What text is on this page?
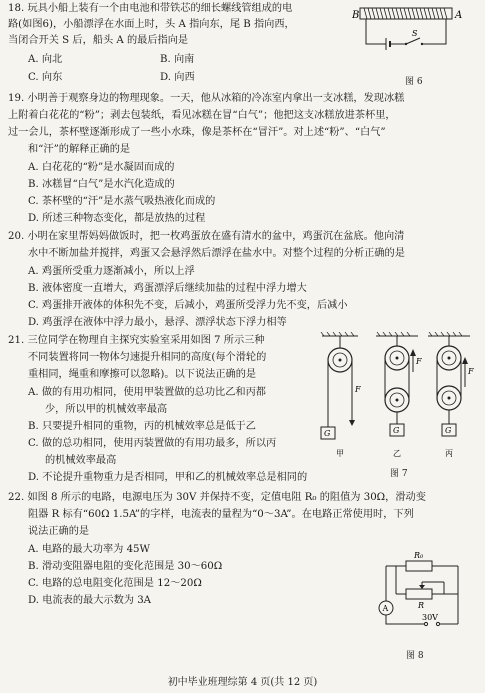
18. 玩具小船上装有一个由电池和带铁芯的细长螺线管组成的电
路(如图6)，小船漂浮在水面上时，头 A 指向东，尾 B 指向西，
当闭合开关 S 后，船头 A 的最后指向是
A. 向北	B. 向南
C. 向东	D. 向西
B	A
S
图 6
19. 小明善于观察身边的物理现象。一天，他从冰箱的冷冻室内拿出一支冰糕，发现冰糕
上附着白花花的“粉”；剥去包装纸，看见冰糕在冒“白气”；他把这支冰糕放进茶杯里，
过一会儿，茶杯壁逐渐形成了一些小水珠，像是茶杯在“冒汗”。对上述“粉”、“白气”
和“汗”的解释正确的是
A. 白花花的“粉”是水凝固而成的
B. 冰糕冒“白气”是水汽化造成的
C. 茶杯壁的“汗”是水蒸气吸热液化而成的
D. 所述三种物态变化，都是放热的过程
20. 小明在家里帮妈妈做饭时，把一枚鸡蛋放在盛有清水的盆中，鸡蛋沉在盆底。他向清
水中不断加盐并搅拌，鸡蛋又会悬浮然后漂浮在盐水中。对整个过程的分析正确的是
A. 鸡蛋所受重力逐渐减小，所以上浮
B. 液体密度一直增大，鸡蛋漂浮后继续加盐的过程中浮力增大
C. 鸡蛋排开液体的体积先不变，后减小，鸡蛋所受浮力先不变，后减小
D. 鸡蛋浮在液体中浮力最小，悬浮、漂浮状态下浮力相等
21. 三位同学在物理自主探究实验室采用如图 7 所示三种
不同装置将同一物体匀速提升相同的高度(每个滑轮的
重相同，绳重和摩擦可以忽略)。以下说法正确的是
A. 做的有用功相同，使用甲装置做的总功比乙和丙都
少，所以甲的机械效率最高
B. 只要提升相同的重物，丙的机械效率总是低于乙
C. 做的总功相同，使用丙装置做的有用功最多，所以丙
的机械效率最高
D. 不论提升重物重力是否相同，甲和乙的机械效率总是相同的
F
G
F
G
F
G
甲	乙	丙
图 7
22. 如图 8 所示的电路，电源电压为 30V 并保持不变，定值电阻 R₀ 的阻值为 30Ω，滑动变
阻器 R 标有“60Ω 1.5A”的字样，电流表的量程为“0～3A”。在电路正常使用时，下列
说法正确的是
A. 电路的最大功率为 45W
B. 滑动变阻器电阻的变化范围是 30～60Ω
C. 电路的总电阻变化范围是 12～20Ω
D. 电流表的最大示数为 3A
A
R₀
R
30V
图 8
初中毕业班理综第 4 页(共 12 页)
